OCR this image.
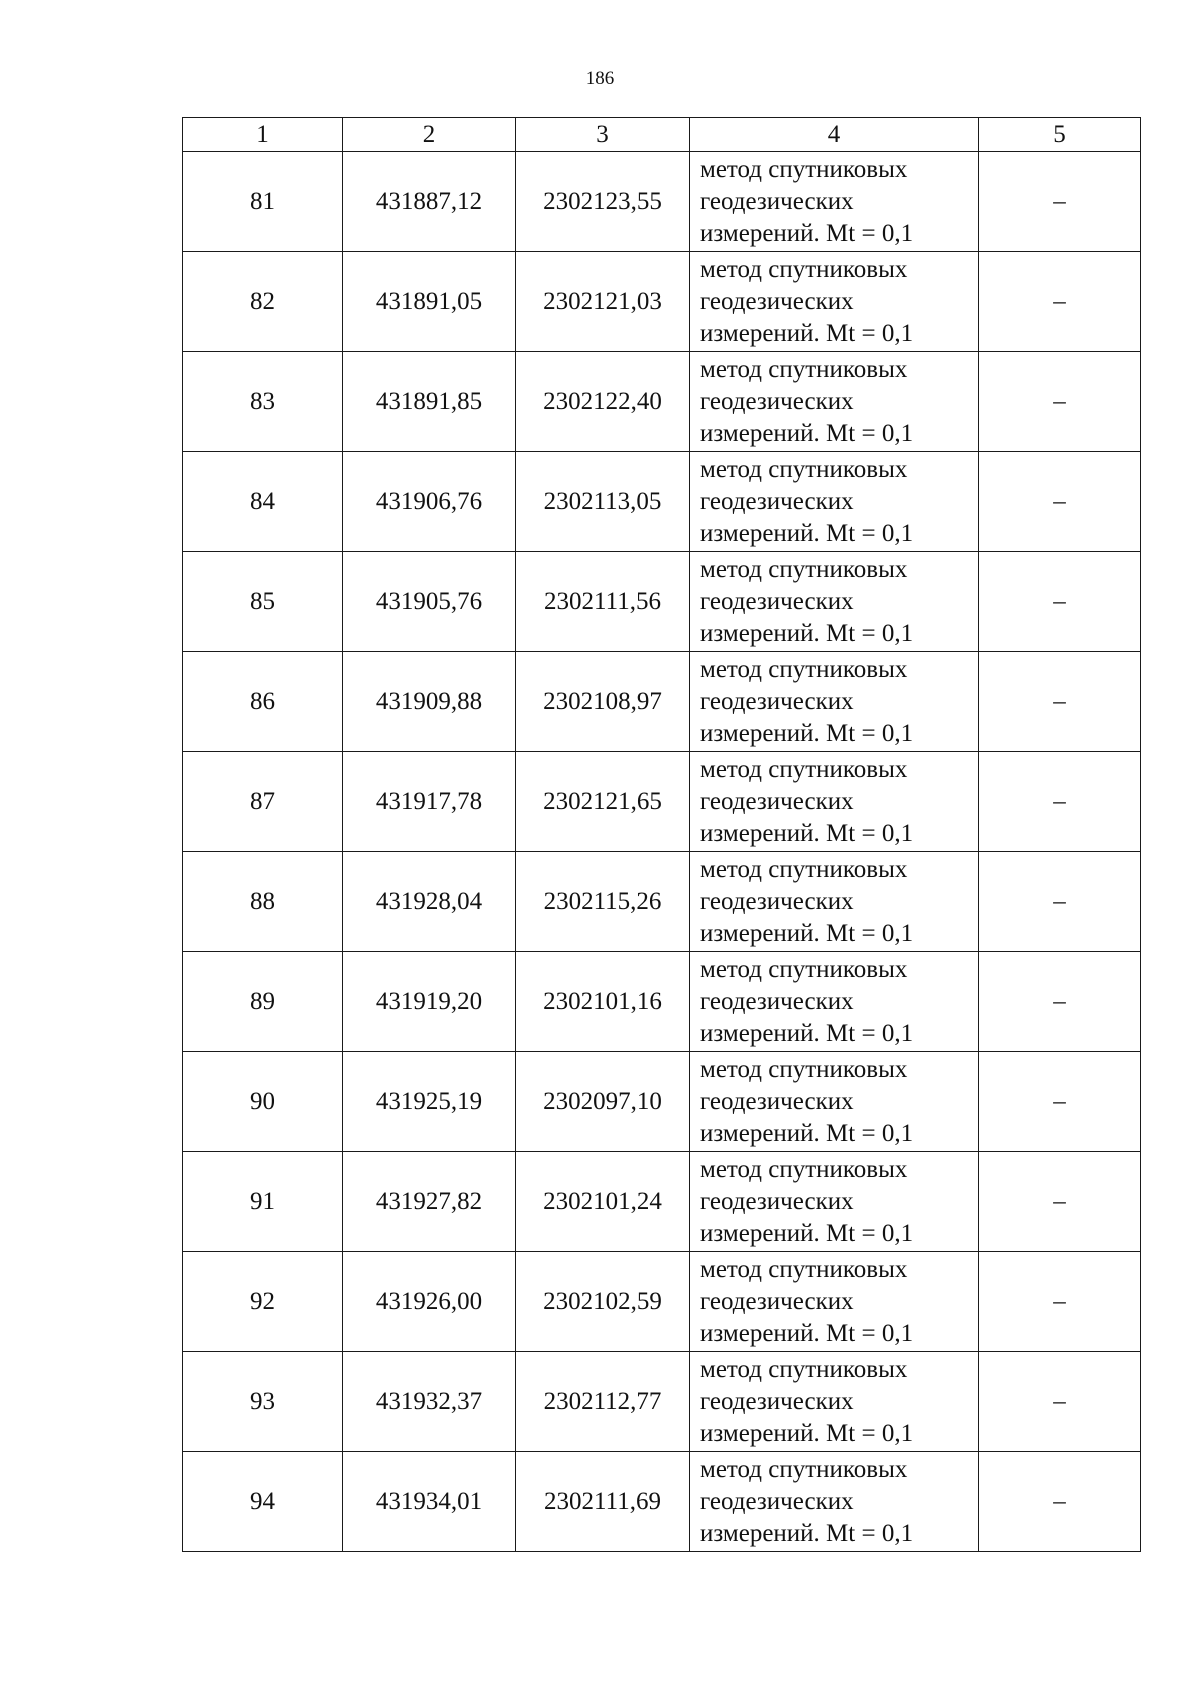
186
1	2	3	4	5
81	431887,12	2302123,55	метод спутниковых
геодезических
измерений. Mt = 0,1	–
82	431891,05	2302121,03	метод спутниковых
геодезических
измерений. Mt = 0,1	–
83	431891,85	2302122,40	метод спутниковых
геодезических
измерений. Mt = 0,1	–
84	431906,76	2302113,05	метод спутниковых
геодезических
измерений. Mt = 0,1	–
85	431905,76	2302111,56	метод спутниковых
геодезических
измерений. Mt = 0,1	–
86	431909,88	2302108,97	метод спутниковых
геодезических
измерений. Mt = 0,1	–
87	431917,78	2302121,65	метод спутниковых
геодезических
измерений. Mt = 0,1	–
88	431928,04	2302115,26	метод спутниковых
геодезических
измерений. Mt = 0,1	–
89	431919,20	2302101,16	метод спутниковых
геодезических
измерений. Mt = 0,1	–
90	431925,19	2302097,10	метод спутниковых
геодезических
измерений. Mt = 0,1	–
91	431927,82	2302101,24	метод спутниковых
геодезических
измерений. Mt = 0,1	–
92	431926,00	2302102,59	метод спутниковых
геодезических
измерений. Mt = 0,1	–
93	431932,37	2302112,77	метод спутниковых
геодезических
измерений. Mt = 0,1	–
94	431934,01	2302111,69	метод спутниковых
геодезических
измерений. Mt = 0,1	–
